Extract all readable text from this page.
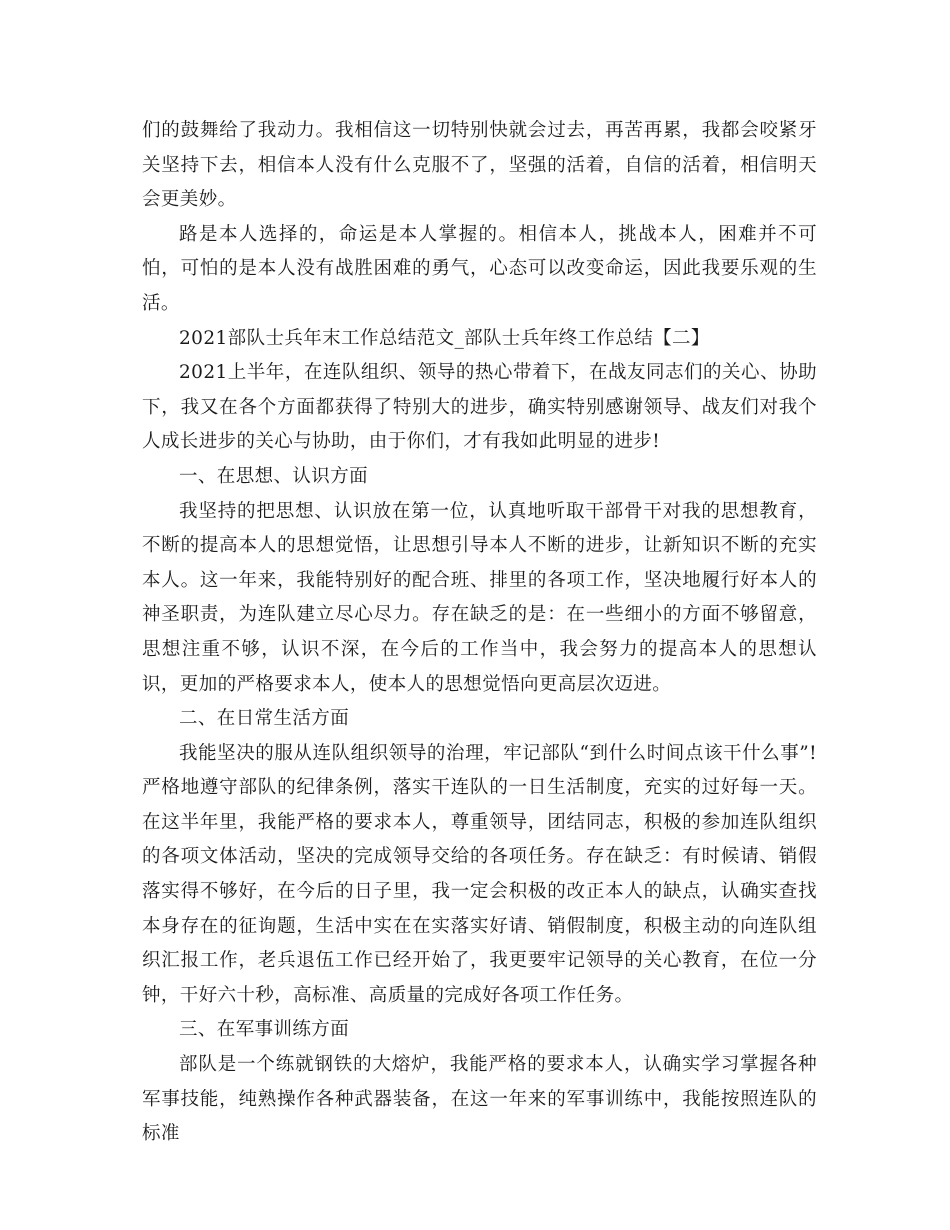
们的鼓舞给了我动力。我相信这一切特别快就会过去，再苦再累，我都会咬紧牙关坚持下去，相信本人没有什么克服不了，坚强的活着，自信的活着，相信明天会更美妙。

路是本人选择的，命运是本人掌握的。相信本人，挑战本人，困难并不可怕，可怕的是本人没有战胜困难的勇气，心态可以改变命运，因此我要乐观的生活。

2021部队士兵年末工作总结范文_部队士兵年终工作总结【二】

2021上半年，在连队组织、领导的热心带着下，在战友同志们的关心、协助下，我又在各个方面都获得了特别大的进步，确实特别感谢领导、战友们对我个人成长进步的关心与协助，由于你们，才有我如此明显的进步!

一、在思想、认识方面

我坚持的把思想、认识放在第一位，认真地听取干部骨干对我的思想教育，不断的提高本人的思想觉悟，让思想引导本人不断的进步，让新知识不断的充实本人。这一年来，我能特别好的配合班、排里的各项工作，坚决地履行好本人的神圣职责，为连队建立尽心尽力。存在缺乏的是：在一些细小的方面不够留意，思想注重不够，认识不深，在今后的工作当中，我会努力的提高本人的思想认识，更加的严格要求本人，使本人的思想觉悟向更高层次迈进。

二、在日常生活方面

我能坚决的服从连队组织领导的治理，牢记部队“到什么时间点该干什么事”!严格地遵守部队的纪律条例，落实干连队的一日生活制度，充实的过好每一天。在这半年里，我能严格的要求本人，尊重领导，团结同志，积极的参加连队组织的各项文体活动，坚决的完成领导交给的各项任务。存在缺乏：有时候请、销假落实得不够好，在今后的日子里，我一定会积极的改正本人的缺点，认确实查找本身存在的征询题，生活中实在在实落实好请、销假制度，积极主动的向连队组织汇报工作，老兵退伍工作已经开始了，我更要牢记领导的关心教育，在位一分钟，干好六十秒，高标准、高质量的完成好各项工作任务。

三、在军事训练方面

部队是一个练就钢铁的大熔炉，我能严格的要求本人，认确实学习掌握各种军事技能，纯熟操作各种武器装备，在这一年来的军事训练中，我能按照连队的标准
